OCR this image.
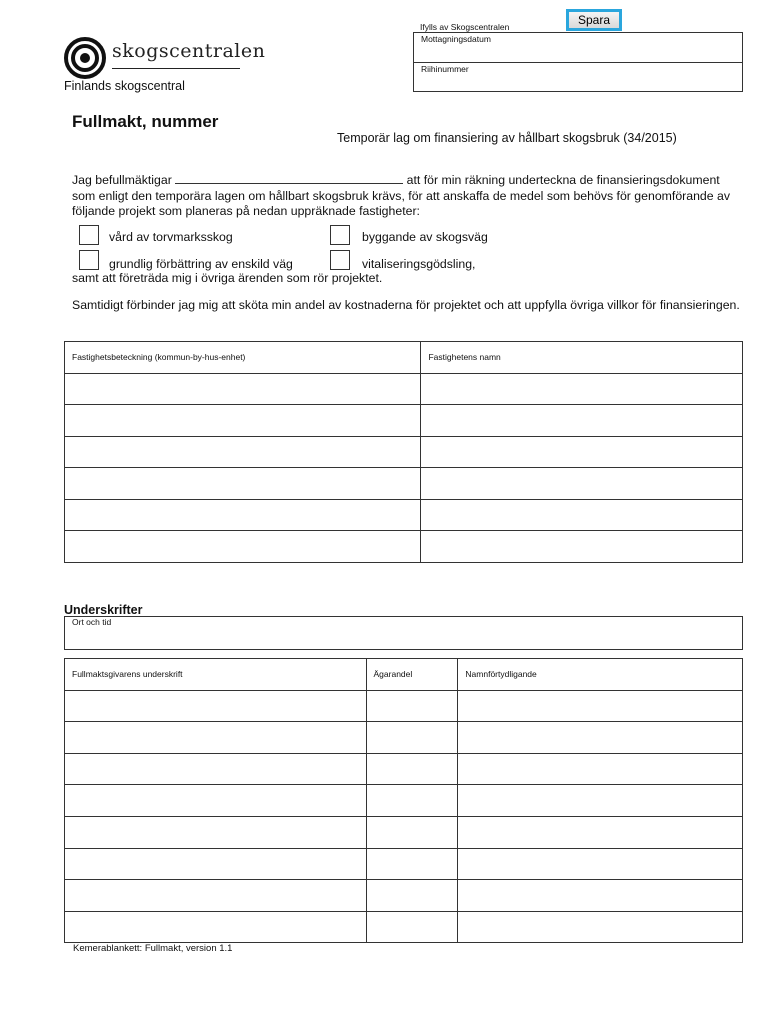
skogscentralen
Finlands skogscentral
Spara
Ifylls av Skogscentralen
Mottagningsdatum
Riihinummer
Fullmakt, nummer
Temporär lag om finansiering av hållbart skogsbruk (34/2015)
Jag befullmäktigar	att för min räkning underteckna de finansieringsdokument som enligt den temporära lagen om hållbart skogsbruk krävs, för att anskaffa de medel som behövs för genomförande av följande projekt som planeras på nedan uppräknade fastigheter:
vård av torvmarksskog	byggande av skogsväg
grundlig förbättring av enskild väg	vitaliseringsgödsling,
samt att företräda mig i övriga ärenden som rör projektet.
Samtidigt förbinder jag mig att sköta min andel av kostnaderna för projektet och att uppfylla övriga villkor för finansieringen.
Fastighetsbeteckning (kommun-by-hus-enhet)	Fastighetens namn

Underskrifter
Ort och tid
Fullmaktsgivarens underskrift	Ägarandel	Namnförtydligande

Kemerablankett: Fullmakt, version 1.1
